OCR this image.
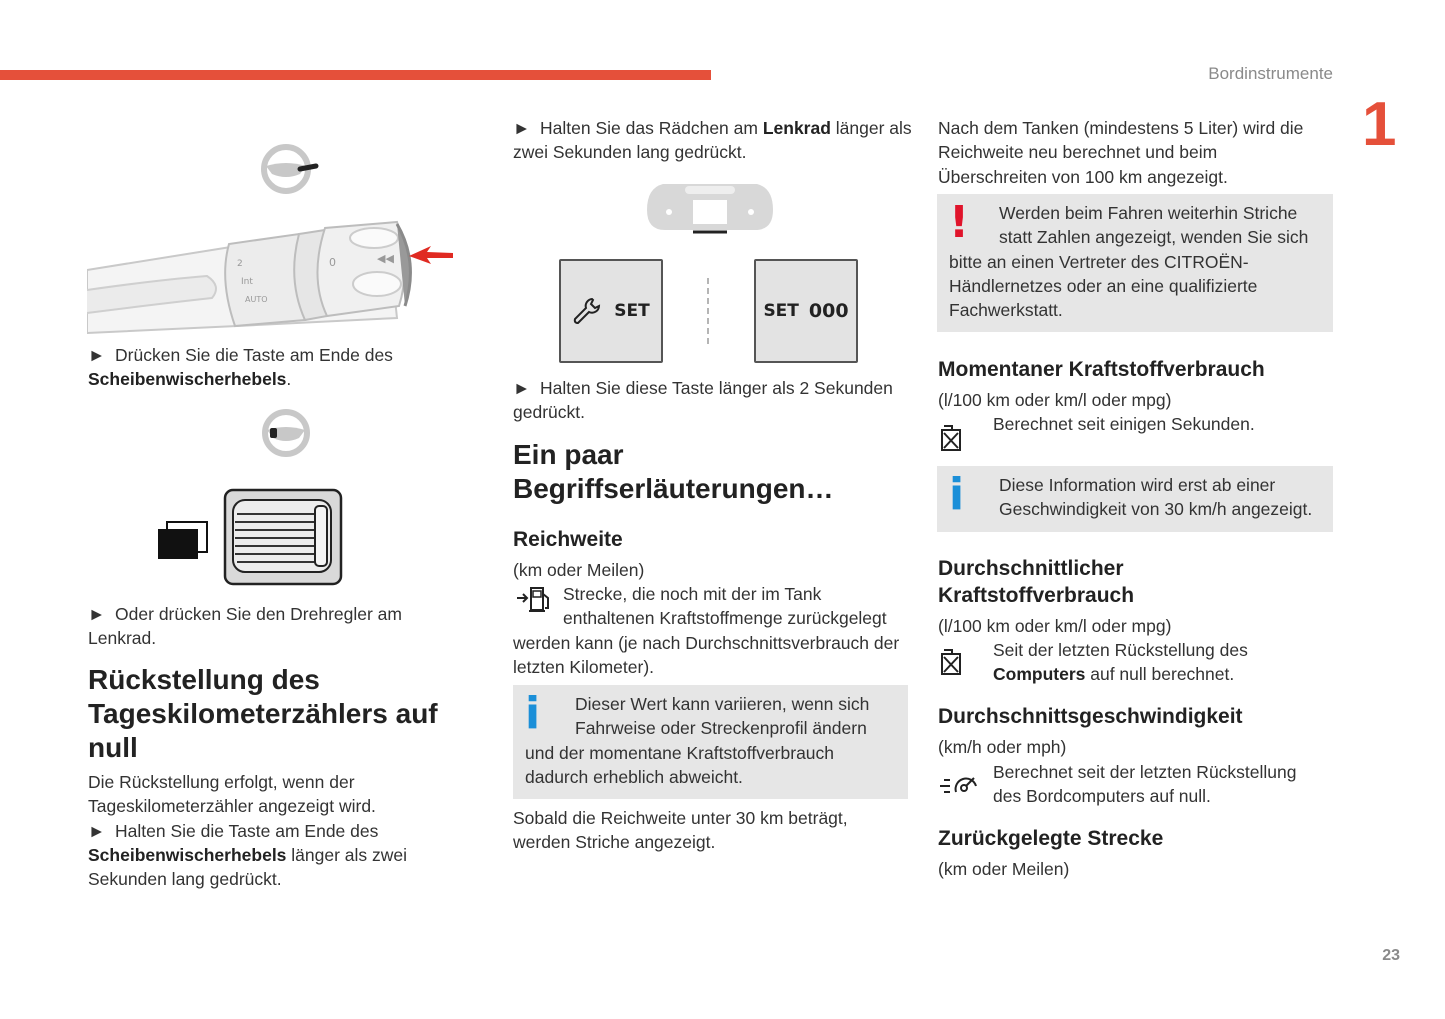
Bordinstrumente
1
23
2
Int
AUTO
0	◀◀
►  Drücken Sie die Taste am Ende des
Scheibenwischerhebels.
►  Oder drücken Sie den Drehregler am Lenkrad.
Rückstellung des Tageskilometerzählers auf null
Die Rückstellung erfolgt, wenn der Tageskilometerzähler angezeigt wird.
►  Halten Sie die Taste am Ende des
Scheibenwischerhebels länger als zwei Sekunden lang gedrückt.
►  Halten Sie das Rädchen am Lenkrad länger als zwei Sekunden lang gedrückt.
SET	SET 000
►  Halten Sie diese Taste länger als 2 Sekunden gedrückt.
Ein paar Begriffserläuterungen…
Reichweite
(km oder Meilen)
Strecke, die noch mit der im Tank enthaltenen Kraftstoffmenge zurückgelegt werden kann (je nach Durchschnittsverbrauch der letzten Kilometer).
i	Dieser Wert kann variieren, wenn sich Fahrweise oder Streckenprofil ändern und der momentane Kraftstoffverbrauch dadurch erheblich abweicht.
Sobald die Reichweite unter 30 km beträgt, werden Striche angezeigt.
Nach dem Tanken (mindestens 5 Liter) wird die Reichweite neu berechnet und beim Überschreiten von 100 km angezeigt.
!	Werden beim Fahren weiterhin Striche statt Zahlen angezeigt, wenden Sie sich bitte an einen Vertreter des CITROËN-Händlernetzes oder an eine qualifizierte Fachwerkstatt.
Momentaner Kraftstoffverbrauch
(l/100 km oder km/l oder mpg)
Berechnet seit einigen Sekunden.
i	Diese Information wird erst ab einer Geschwindigkeit von 30 km/h angezeigt.
Durchschnittlicher Kraftstoffverbrauch
(l/100 km oder km/l oder mpg)
Seit der letzten Rückstellung des
Computers auf null berechnet.
Durchschnittsgeschwindigkeit
(km/h oder mph)
Berechnet seit der letzten Rückstellung des Bordcomputers auf null.
Zurückgelegte Strecke
(km oder Meilen)
